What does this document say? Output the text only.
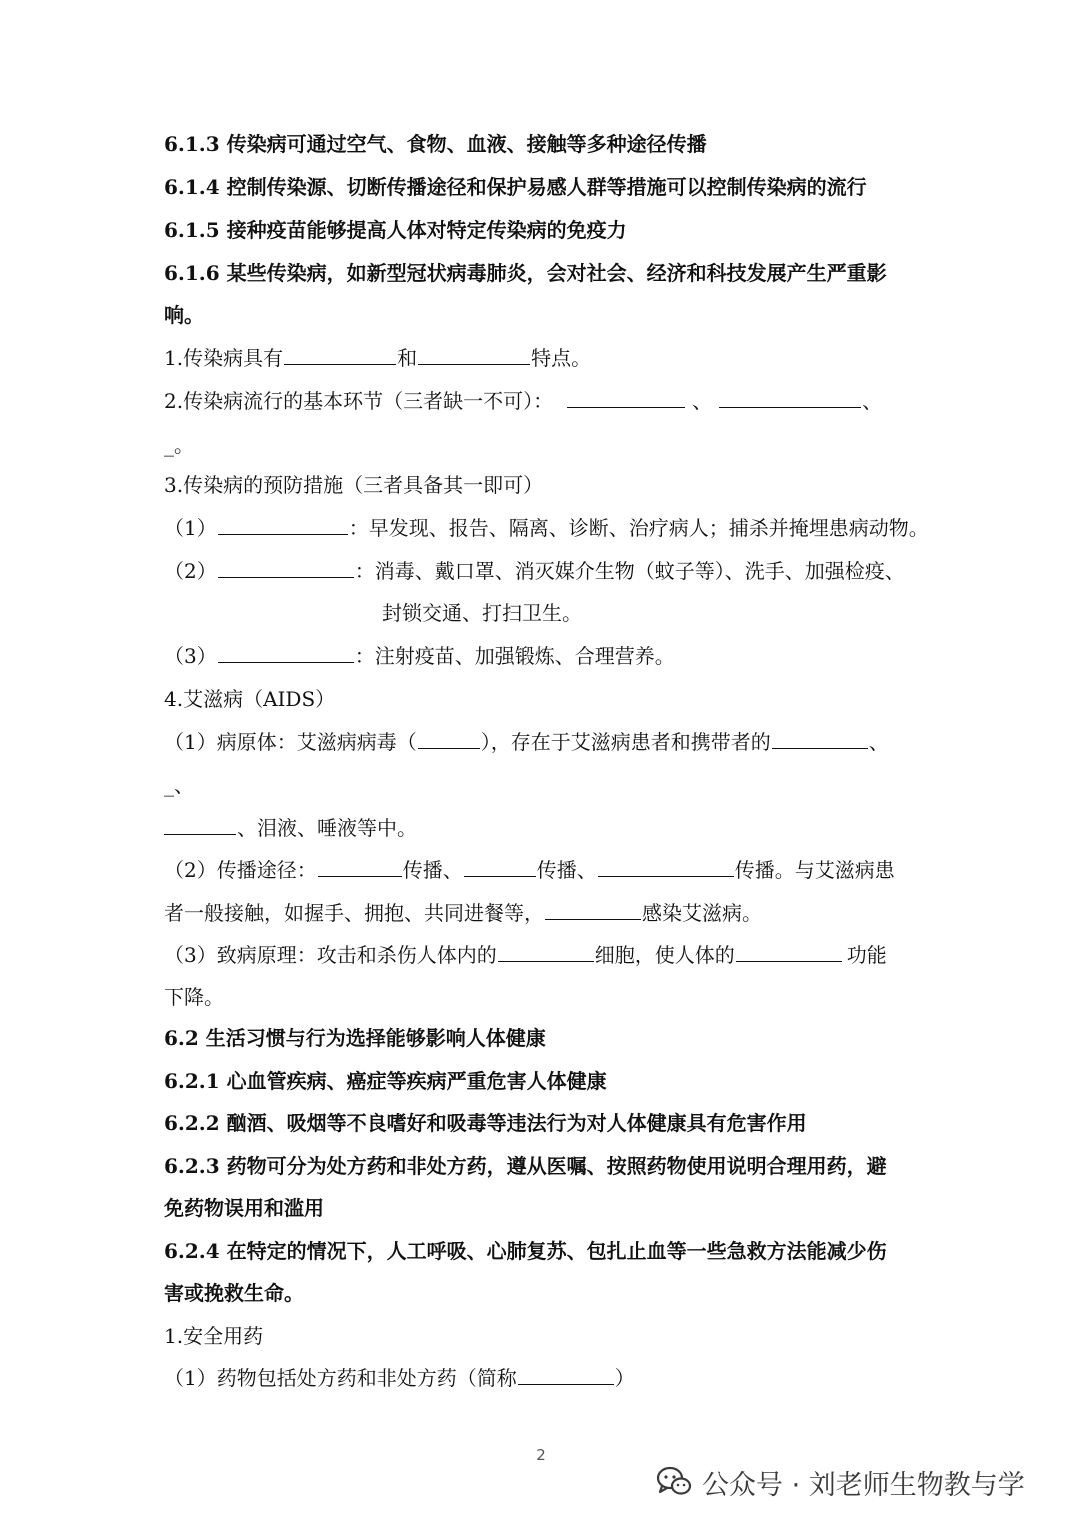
6.1.3 传染病可通过空气、食物、血液、接触等多种途径传播
6.1.4 控制传染源、切断传播途径和保护易感人群等措施可以控制传染病的流行
6.1.5 接种疫苗能够提高人体对特定传染病的免疫力
6.1.6 某些传染病，如新型冠状病毒肺炎，会对社会、经济和科技发展产生严重影
响。
1.传染病具有	和	特点。
2.传染病流行的基本环节（三者缺一不可）：	、	、
_。
3.传染病的预防措施（三者具备其一即可）
（1）	：早发现、报告、隔离、诊断、治疗病人；捕杀并掩埋患病动物。
（2）	：消毒、戴口罩、消灭媒介生物（蚊子等）、洗手、加强检疫、
封锁交通、打扫卫生。
（3）	：注射疫苗、加强锻炼、合理营养。
4.艾滋病（AIDS）
（1）病原体：艾滋病病毒（	），存在于艾滋病患者和携带者的	、
_、
、泪液、唾液等中。
（2）传播途径：	传播、	传播、	传播。与艾滋病患
者一般接触，如握手、拥抱、共同进餐等，	感染艾滋病。
（3）致病原理：攻击和杀伤人体内的	细胞，使人体的	功能
下降。
6.2 生活习惯与行为选择能够影响人体健康
6.2.1 心血管疾病、癌症等疾病严重危害人体健康
6.2.2 酗酒、吸烟等不良嗜好和吸毒等违法行为对人体健康具有危害作用
6.2.3 药物可分为处方药和非处方药，遵从医嘱、按照药物使用说明合理用药，避
免药物误用和滥用
6.2.4 在特定的情况下，人工呼吸、心肺复苏、包扎止血等一些急救方法能减少伤
害或挽救生命。
1.安全用药
（1）药物包括处方药和非处方药（简称	）
2
公众号 · 刘老师生物教与学
